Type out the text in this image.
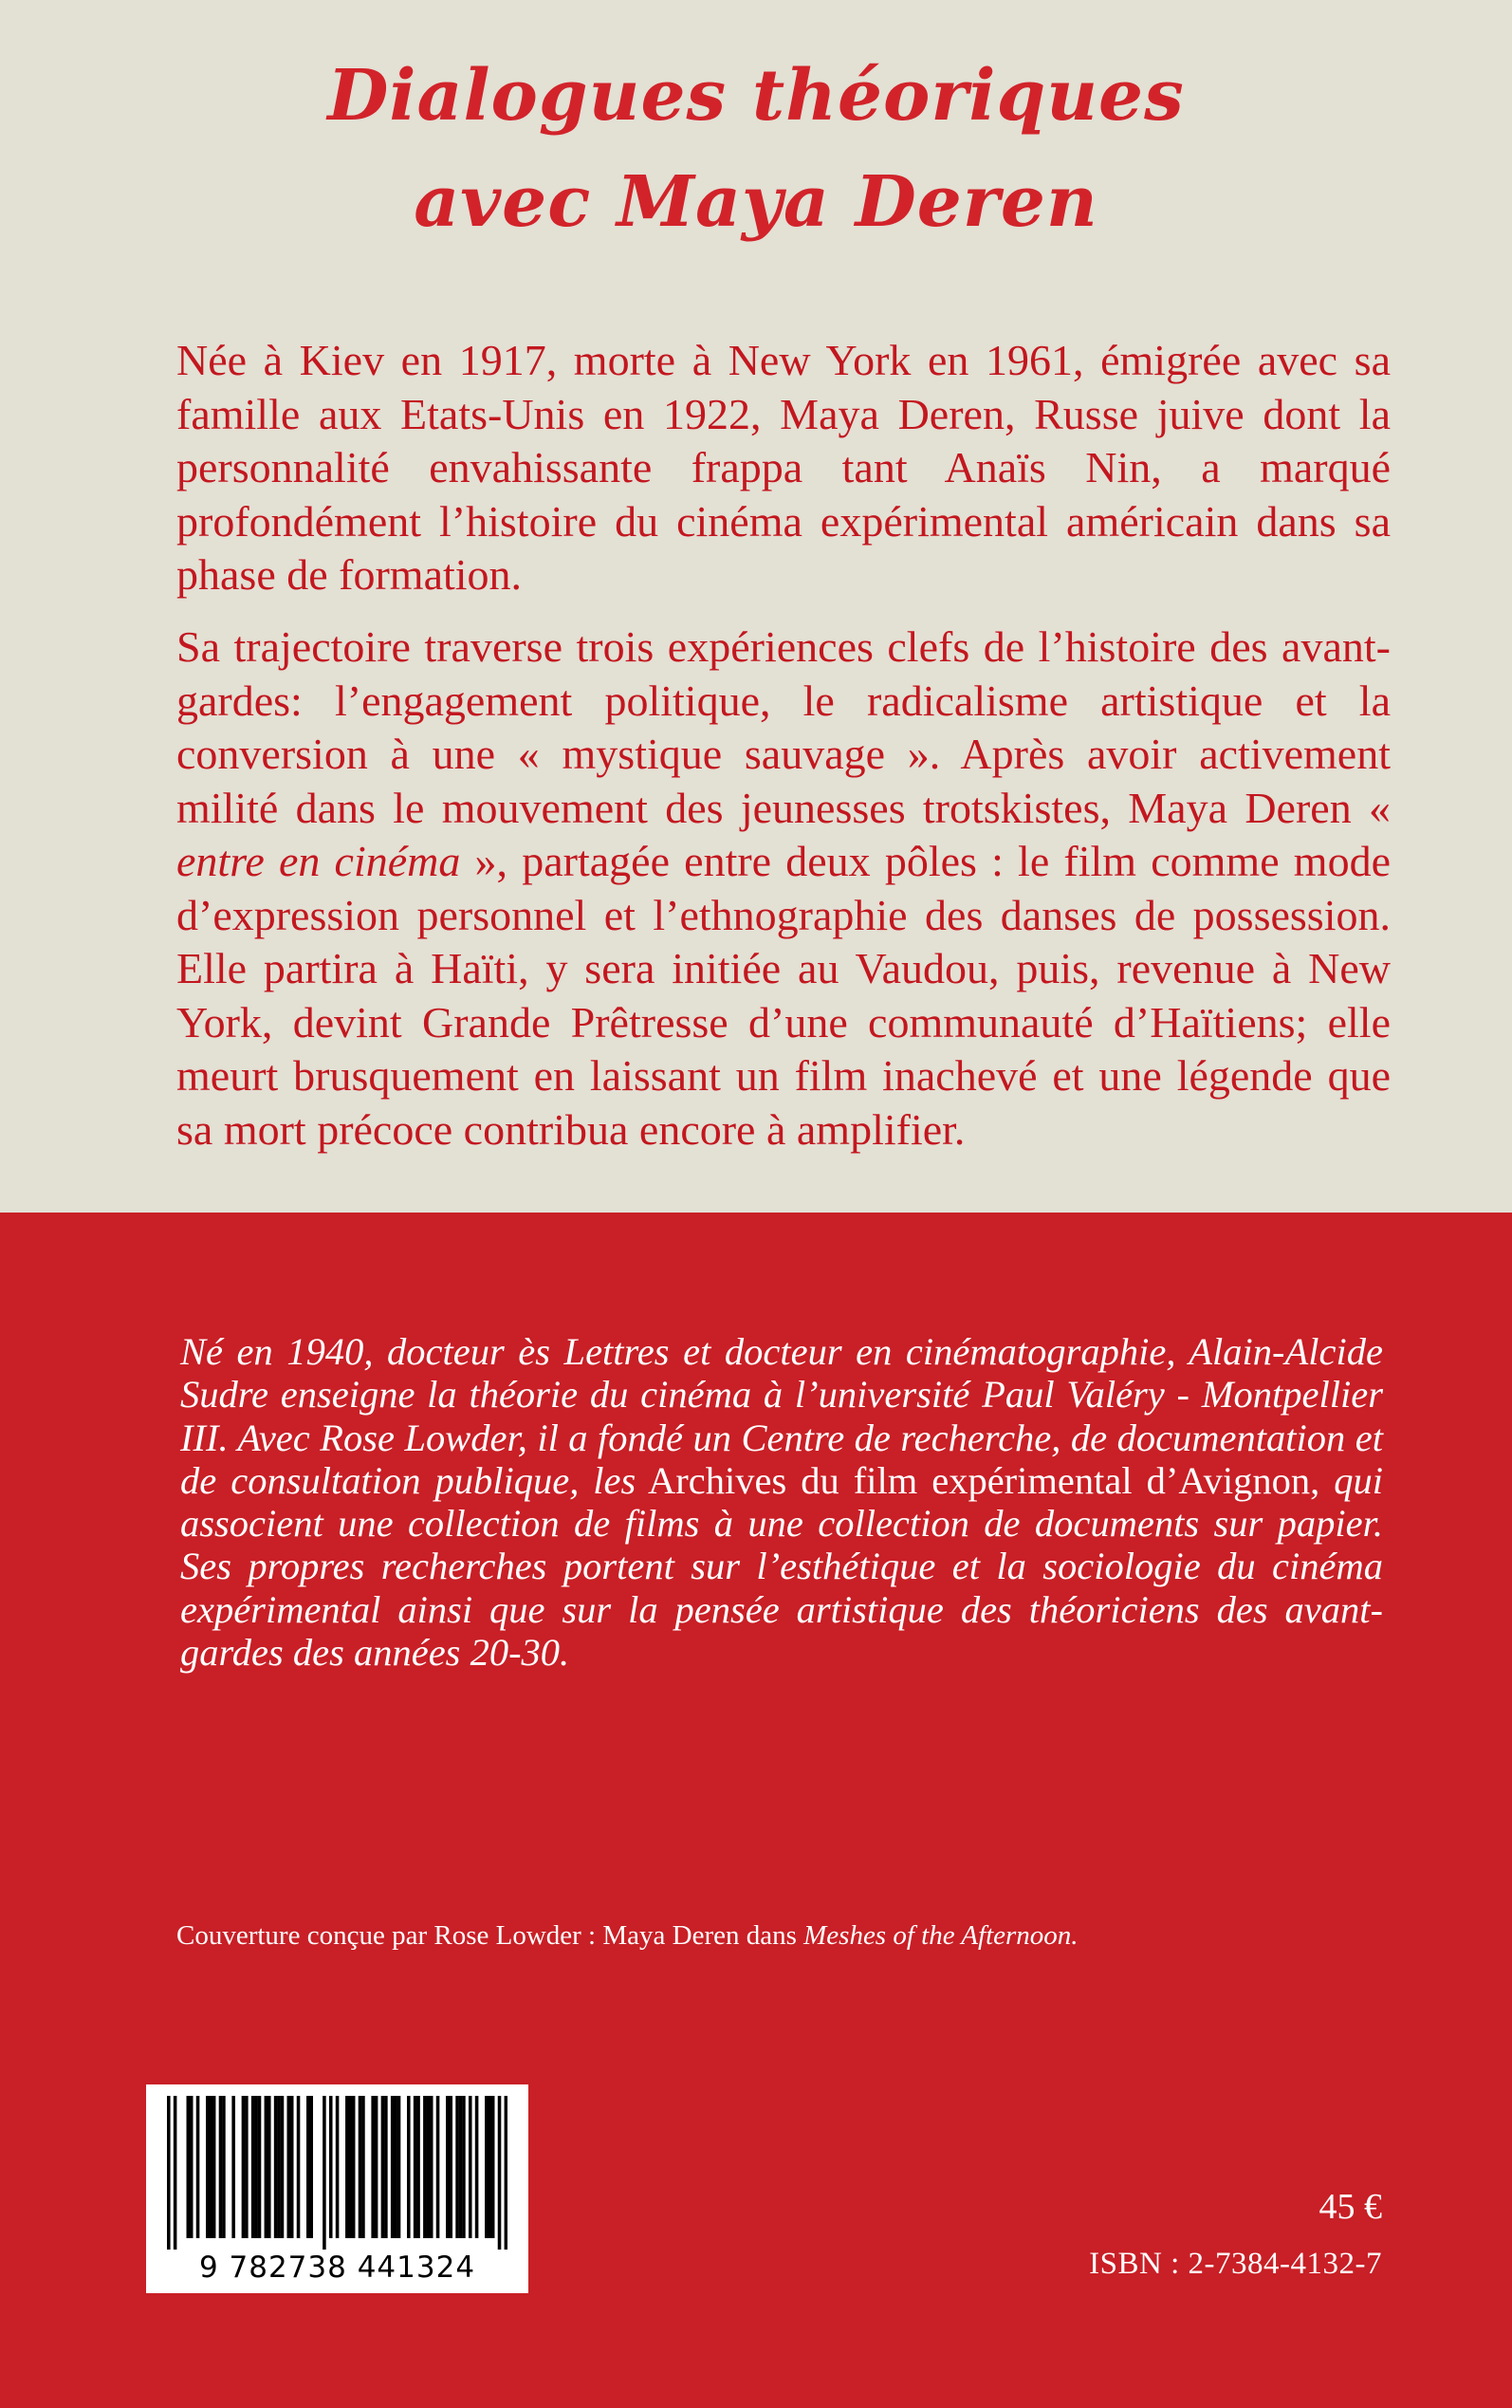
Dialogues théoriques
avec Maya Deren

Née à Kiev en 1917, morte à New York en 1961, émigrée avec sa famille aux Etats-Unis en 1922, Maya Deren, Russe juive dont la personnalité envahissante frappa tant Anaïs Nin, a marqué profondément l’histoire du cinéma expérimental américain dans sa phase de formation.

Sa trajectoire traverse trois expériences clefs de l’histoire des avant-gardes: l’engagement politique, le radicalisme artistique et la conversion à une « mystique sauvage ». Après avoir activement milité dans le mouvement des jeunesses trotskistes, Maya Deren « entre en cinéma », partagée entre deux pôles : le film comme mode d’expression personnel et l’ethnographie des danses de possession. Elle partira à Haïti, y sera initiée au Vaudou, puis, revenue à New York, devint Grande Prêtresse d’une communauté d’Haïtiens; elle meurt brusquement en laissant un film inachevé et une légende que sa mort précoce contribua encore à amplifier.

Né en 1940, docteur ès Lettres et docteur en cinématographie, Alain-Alcide Sudre enseigne la théorie du cinéma à l’université Paul Valéry - Montpellier III. Avec Rose Lowder, il a fondé un Centre de recherche, de documentation et de consultation publique, les Archives du film expérimental d’Avignon, qui associent une collection de films à une collection de documents sur papier. Ses propres recherches portent sur l’esthétique et la sociologie du cinéma expérimental ainsi que sur la pensée artistique des théoriciens des avant-gardes des années 20-30.

Couverture conçue par Rose Lowder : Maya Deren dans Meshes of the Afternoon.

9 782738 441324

45 €

ISBN : 2-7384-4132-7
